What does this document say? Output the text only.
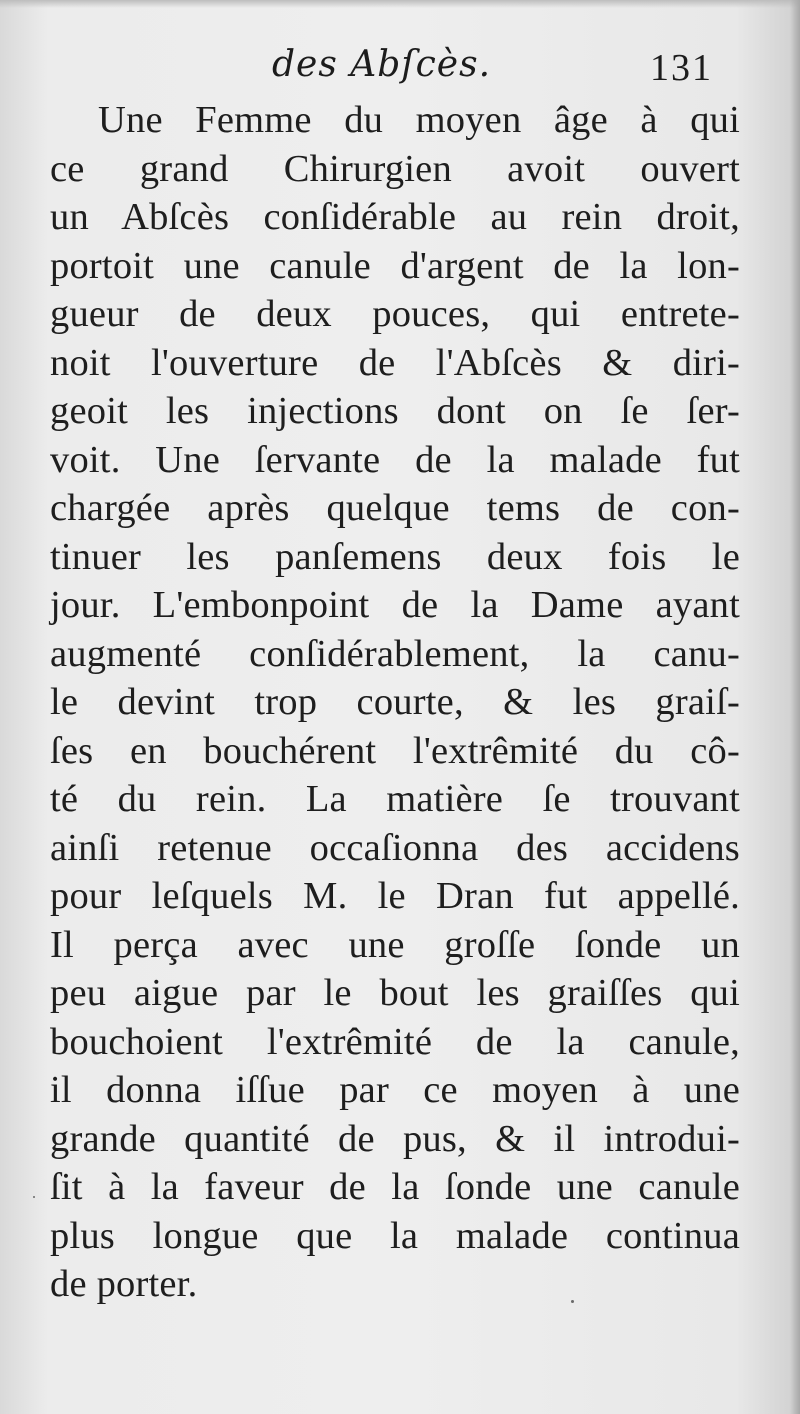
des Abſcès.	131
Une Femme du moyen âge à qui
ce grand Chirurgien avoit ouvert
un Abſcès conſidérable au rein droit,
portoit une canule d'argent de la lon-
gueur de deux pouces, qui entrete-
noit l'ouverture de l'Abſcès & diri-
geoit les injections dont on ſe ſer-
voit. Une ſervante de la malade fut
chargée après quelque tems de con-
tinuer les panſemens deux fois le
jour. L'embonpoint de la Dame ayant
augmenté conſidérablement, la canu-
le devint trop courte, & les graiſ-
ſes en bouchérent l'extrêmité du cô-
té du rein. La matière ſe trouvant
ainſi retenue occaſionna des accidens
pour leſquels M. le Dran fut appellé.
Il perça avec une groſſe ſonde un
peu aigue par le bout les graiſſes qui
bouchoient l'extrêmité de la canule,
il donna iſſue par ce moyen à une
grande quantité de pus, & il introdui-
ſit à la faveur de la ſonde une canule
plus longue que la malade continua
de porter.
